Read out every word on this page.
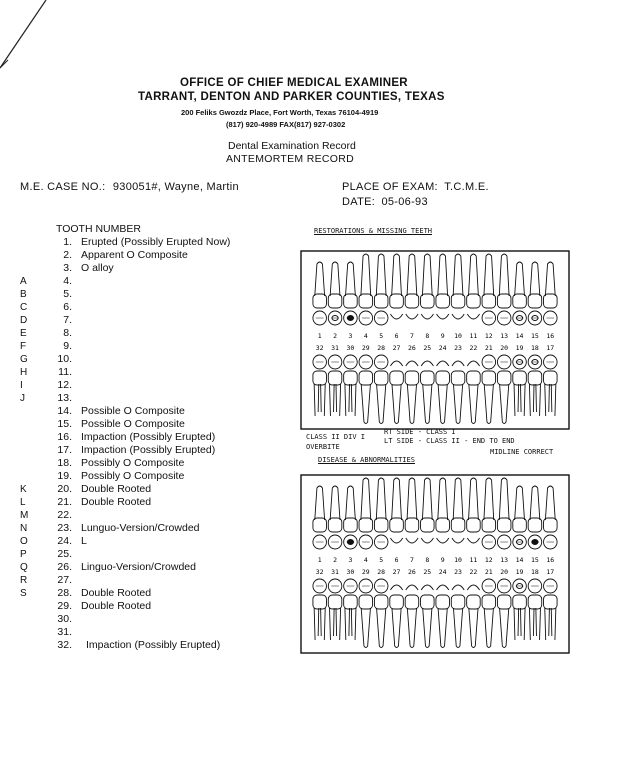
OFFICE OF CHIEF MEDICAL EXAMINER
TARRANT, DENTON AND PARKER COUNTIES, TEXAS
200 Feliks Gwozdz Place, Fort Worth, Texas 76104-4919
(817) 920-4989 FAX(817) 927-0302
Dental Examination Record
ANTEMORTEM RECORD
M.E. CASE NO.: 930051#, Wayne, Martin	PLACE OF EXAM: T.C.M.E.
DATE: 05-06-93
TOOTH NUMBER
1. Erupted (Possibly Erupted Now)
2. Apparent O Composite
3. O alloy
A	4.
B	5.
C	6.
D	7.
E	8.
F	9.
G	10.
H	11.
I	12.
J	13.
14. Possible O Composite
15. Possible O Composite
16. Impaction (Possibly Erupted)
17. Impaction (Possibly Erupted)
18. Possibly O Composite
19. Possibly O Composite
K	20. Double Rooted
L	21. Double Rooted
M	22.
N	23. Lunguo-Version/Crowded
O	24. L
P	25.
Q	26. Linguo-Version/Crowded
R	27.
S	28. Double Rooted
29. Double Rooted
30.
31.
32. Impaction (Possibly Erupted)
RESTORATIONS & MISSING TEETH
1 2 3 4 5 6 7 8 9 10 11 12 13 14 15 16
32 31 30 29 28 27 26 25 24 23 22 21 20 19 18 17
CLASS II DIV I
RT SIDE - CLASS I
OVERBITE
LT SIDE - CLASS II - END TO END
MIDLINE CORRECT
DISEASE & ABNORMALITIES
1 2 3 4 5 6 7 8 9 10 11 12 13 14 15 16
32 31 30 29 28 27 26 25 24 23 22 21 20 19 18 17
